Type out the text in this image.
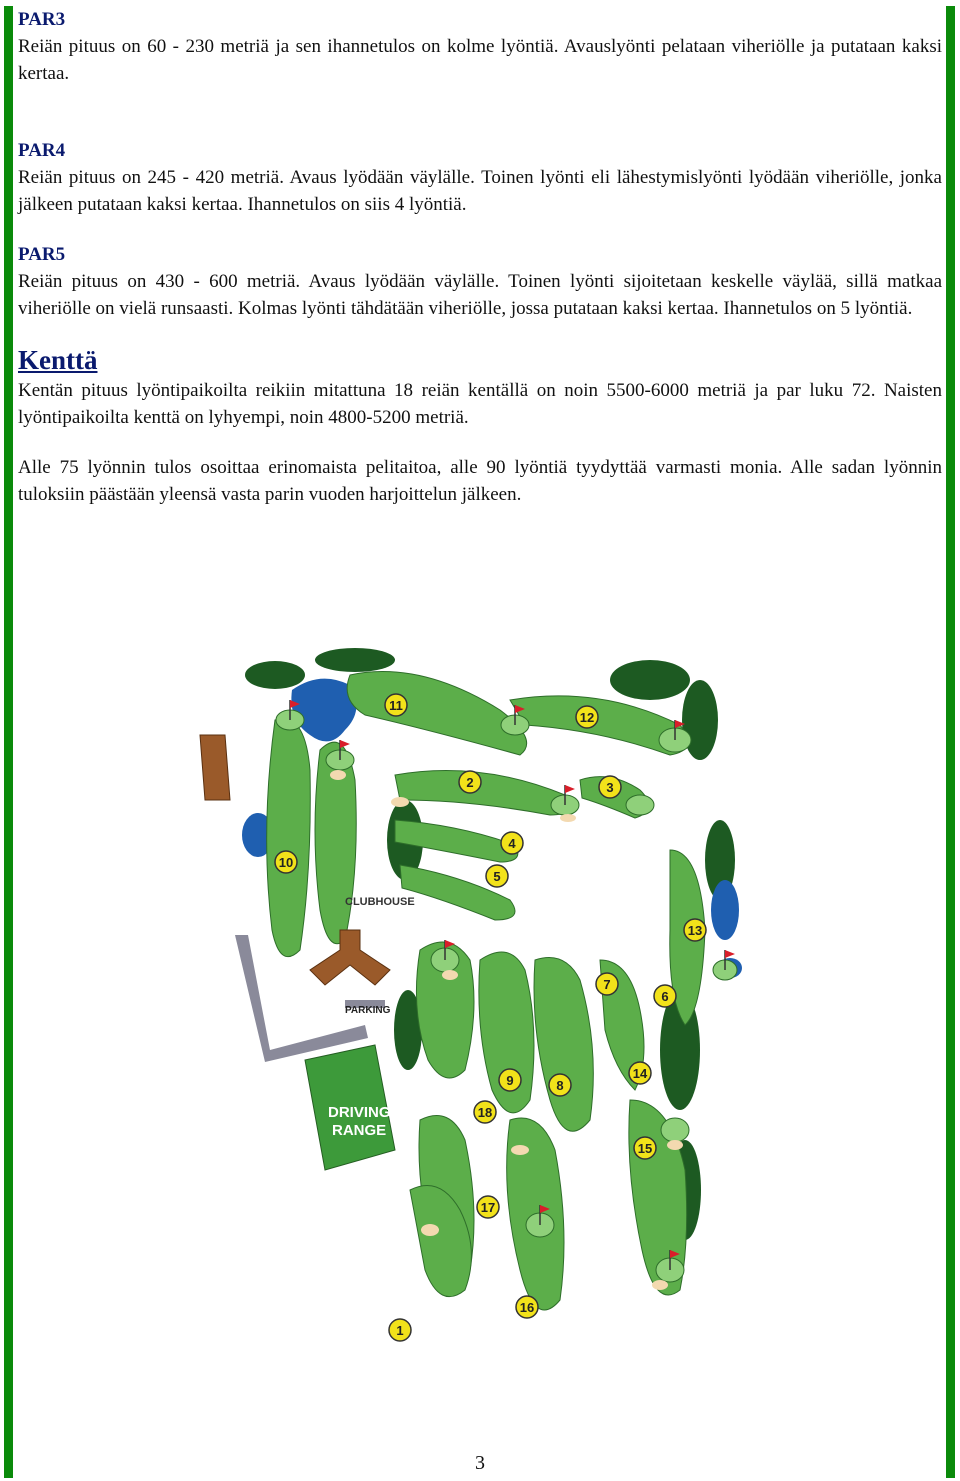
PAR3

Reiän pituus on 60 - 230 metriä ja sen ihannetulos on kolme lyöntiä. Avauslyönti pelataan viheriölle ja putataan kaksi kertaa.

PAR4

Reiän pituus on 245 - 420 metriä. Avaus lyödään väylälle. Toinen lyönti eli lähestymislyönti lyödään viheriölle, jonka jälkeen putataan kaksi kertaa. Ihannetulos on siis 4 lyöntiä.

PAR5

Reiän pituus on 430 - 600 metriä. Avaus lyödään väylälle. Toinen lyönti sijoitetaan keskelle väylää, sillä matkaa viheriölle on vielä runsaasti. Kolmas lyönti tähdätään viheriölle, jossa putataan kaksi kertaa. Ihannetulos on 5 lyöntiä.

Kenttä

Kentän pituus lyöntipaikoilta reikiin mitattuna 18 reiän kentällä on noin 5500-6000 metriä ja par luku 72. Naisten lyöntipaikoilta kenttä on lyhyempi, noin 4800-5200 metriä.

Alle 75 lyönnin tulos osoittaa erinomaista pelitaitoa, alle 90 lyöntiä tyydyttää varmasti monia. Alle sadan lyönnin tuloksiin päästään yleensä vasta parin vuoden harjoittelun jälkeen.

CLUBHOUSE
PARKING
DRIVING
RANGE
1
2	3
4
5
6
7
8
9
10
11
12
13
14
15
16
17
18
3
